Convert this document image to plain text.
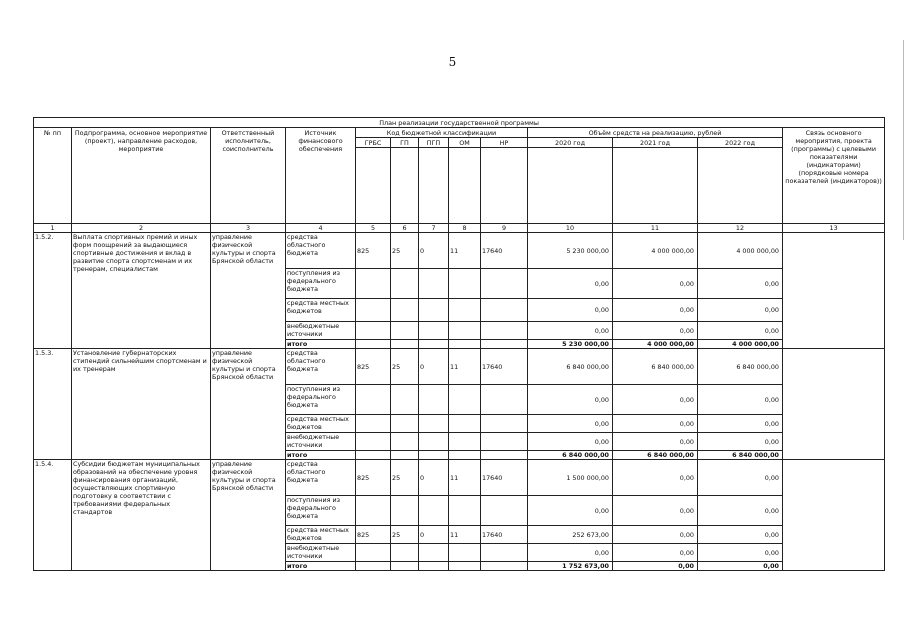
5
План реализации государственной программы												
№ пп	Подпрограмма, основное мероприятие (проект), направление расходов, мероприятие	Ответственный исполнитель, соисполнитель	Источник финансового обеспечения	Код бюджетной классификации					Объём средств на реализацию, рублей			Связь основного мероприятия, проекта (программы) с целевыми показателями (индикаторами) (порядковые номера показателей (индикаторов))
				ГРБС	ГП	ПГП	ОМ	НР	2020 год	2021 год	2022 год	

1	2	3	4	5	6	7	8	9	10	11	12	13
1.5.2.	Выплата спортивных премий и иных форм поощрений за выдающиеся спортивные достижения и вклад в развитие спорта спортсменам и их тренерам, специалистам	управление физической культуры и спорта Брянской области	средства областного бюджета	825	25	0	11	17640	5 230 000,00	4 000 000,00	4 000 000,00	
			поступления из федерального бюджета						0,00	0,00	0,00	
			средства местных бюджетов						0,00	0,00	0,00	
			внебюджетные источники						0,00	0,00	0,00	
			итого						5 230 000,00	4 000 000,00	4 000 000,00	
1.5.3.	Установление губернаторских стипендий сильнейшим спортсменам и их тренерам	управление физической культуры и спорта Брянской области	средства областного бюджета	825	25	0	11	17640	6 840 000,00	6 840 000,00	6 840 000,00	
			поступления из федерального бюджета						0,00	0,00	0,00	
			средства местных бюджетов						0,00	0,00	0,00	
			внебюджетные источники						0,00	0,00	0,00	
			итого						6 840 000,00	6 840 000,00	6 840 000,00	
1.5.4.	Субсидии бюджетам муниципальных образований на обеспечение уровня финансирования организаций, осуществляющих спортивную подготовку в соответствии с требованиями федеральных стандартов	управление физической культуры и спорта Брянской области	средства областного бюджета	825	25	0	11	17640	1 500 000,00	0,00	0,00	
			поступления из федерального бюджета						0,00	0,00	0,00	
			средства местных бюджетов	825	25	0	11	17640	252 673,00	0,00	0,00	
			внебюджетные источники						0,00	0,00	0,00	
			итого						1 752 673,00	0,00	0,00	
